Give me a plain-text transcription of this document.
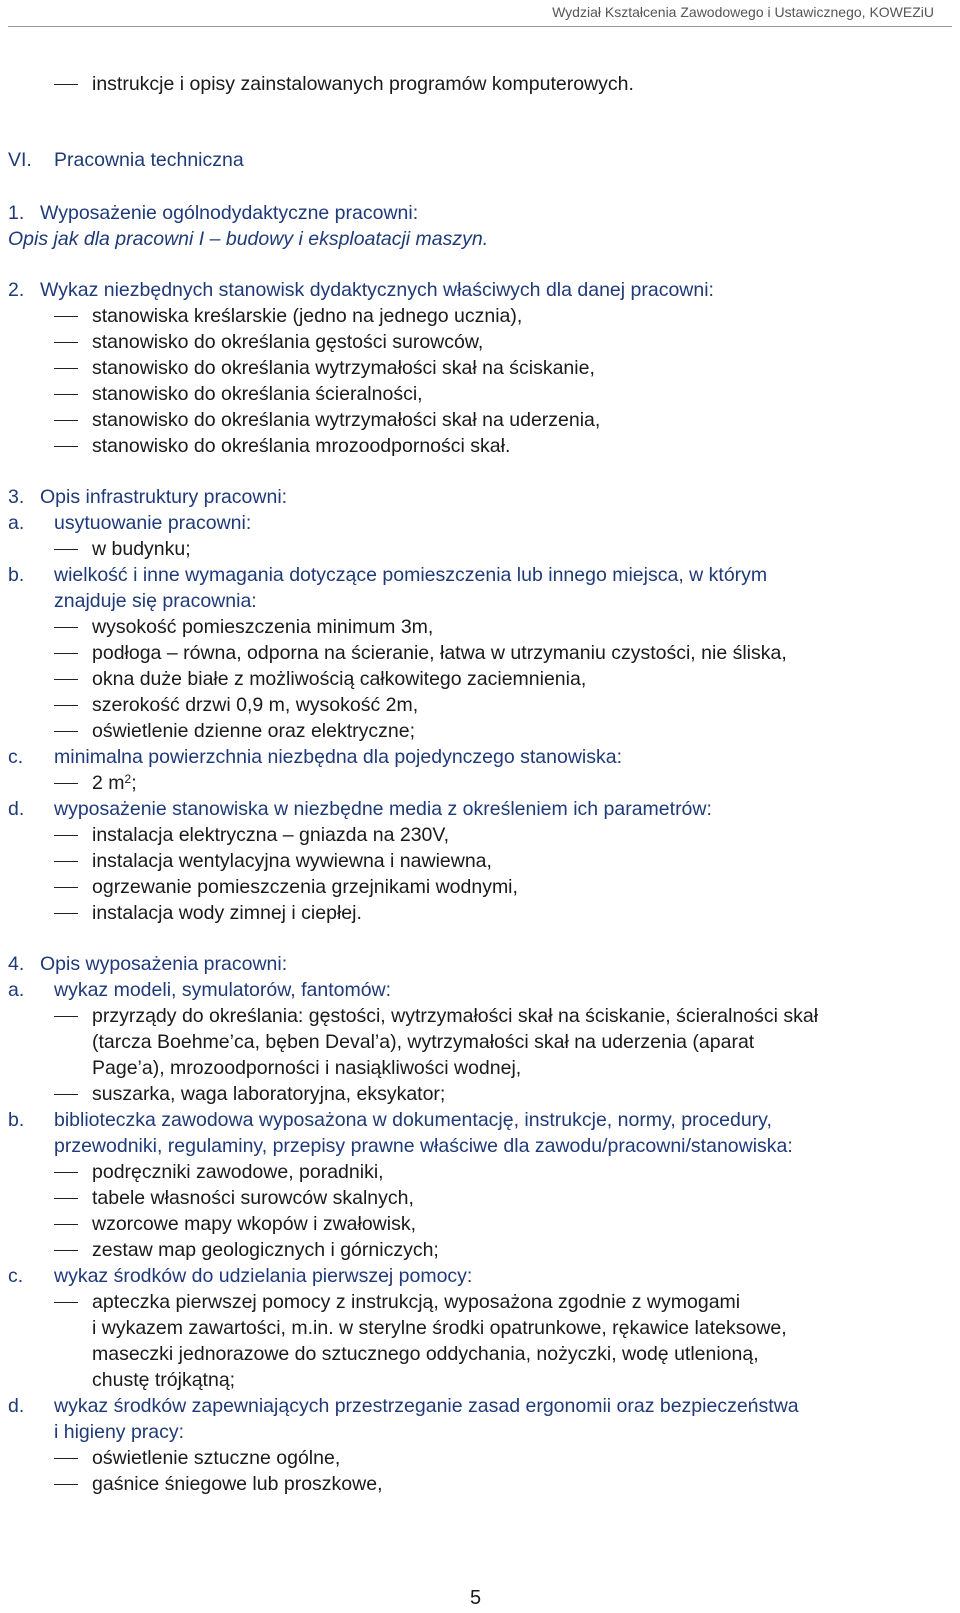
Wydział Kształcenia Zawodowego i Ustawicznego, KOWEZiU
instrukcje i opisy zainstalowanych programów komputerowych.
VI. Pracownia techniczna
1. Wyposażenie ogólnodydaktyczne pracowni:
Opis jak dla pracowni I – budowy i eksploatacji maszyn.
2. Wykaz niezbędnych stanowisk dydaktycznych właściwych dla danej pracowni:
stanowiska kreślarskie (jedno na jednego ucznia),
stanowisko do określania gęstości surowców,
stanowisko do określania wytrzymałości skał na ściskanie,
stanowisko do określania ścieralności,
stanowisko do określania wytrzymałości skał na uderzenia,
stanowisko do określania mrozoodporności skał.
3. Opis infrastruktury pracowni:
a. usytuowanie pracowni:
w budynku;
b. wielkość i inne wymagania dotyczące pomieszczenia lub innego miejsca, w którym
znajduje się pracownia:
wysokość pomieszczenia minimum 3m,
podłoga – równa, odporna na ścieranie, łatwa w utrzymaniu czystości, nie śliska,
okna duże białe z możliwością całkowitego zaciemnienia,
szerokość drzwi 0,9 m, wysokość 2m,
oświetlenie dzienne oraz elektryczne;
c. minimalna powierzchnia niezbędna dla pojedynczego stanowiska:
2 $m^2$;
d. wyposażenie stanowiska w niezbędne media z określeniem ich parametrów:
instalacja elektryczna – gniazda na 230V,
instalacja wentylacyjna wywiewna i nawiewna,
ogrzewanie pomieszczenia grzejnikami wodnymi,
instalacja wody zimnej i ciepłej.
4. Opis wyposażenia pracowni:
a. wykaz modeli, symulatorów, fantomów:
przyrządy do określania: gęstości, wytrzymałości skał na ściskanie, ścieralności skał
(tarcza Boehme’ca, bęben Deval’a), wytrzymałości skał na uderzenia (aparat
Page’a), mrozoodporności i nasiąkliwości wodnej,
suszarka, waga laboratoryjna, eksykator;
b. biblioteczka zawodowa wyposażona w dokumentację, instrukcje, normy, procedury,
przewodniki, regulaminy, przepisy prawne właściwe dla zawodu/pracowni/stanowiska:
podręczniki zawodowe, poradniki,
tabele własności surowców skalnych,
wzorcowe mapy wkopów i zwałowisk,
zestaw map geologicznych i górniczych;
c. wykaz środków do udzielania pierwszej pomocy:
apteczka pierwszej pomocy z instrukcją, wyposażona zgodnie z wymogami
i wykazem zawartości, m.in. w sterylne środki opatrunkowe, rękawice lateksowe,
maseczki jednorazowe do sztucznego oddychania, nożyczki, wodę utlenioną,
chustę trójkątną;
d. wykaz środków zapewniających przestrzeganie zasad ergonomii oraz bezpieczeństwa
i higieny pracy:
oświetlenie sztuczne ogólne,
gaśnice śniegowe lub proszkowe,
5
